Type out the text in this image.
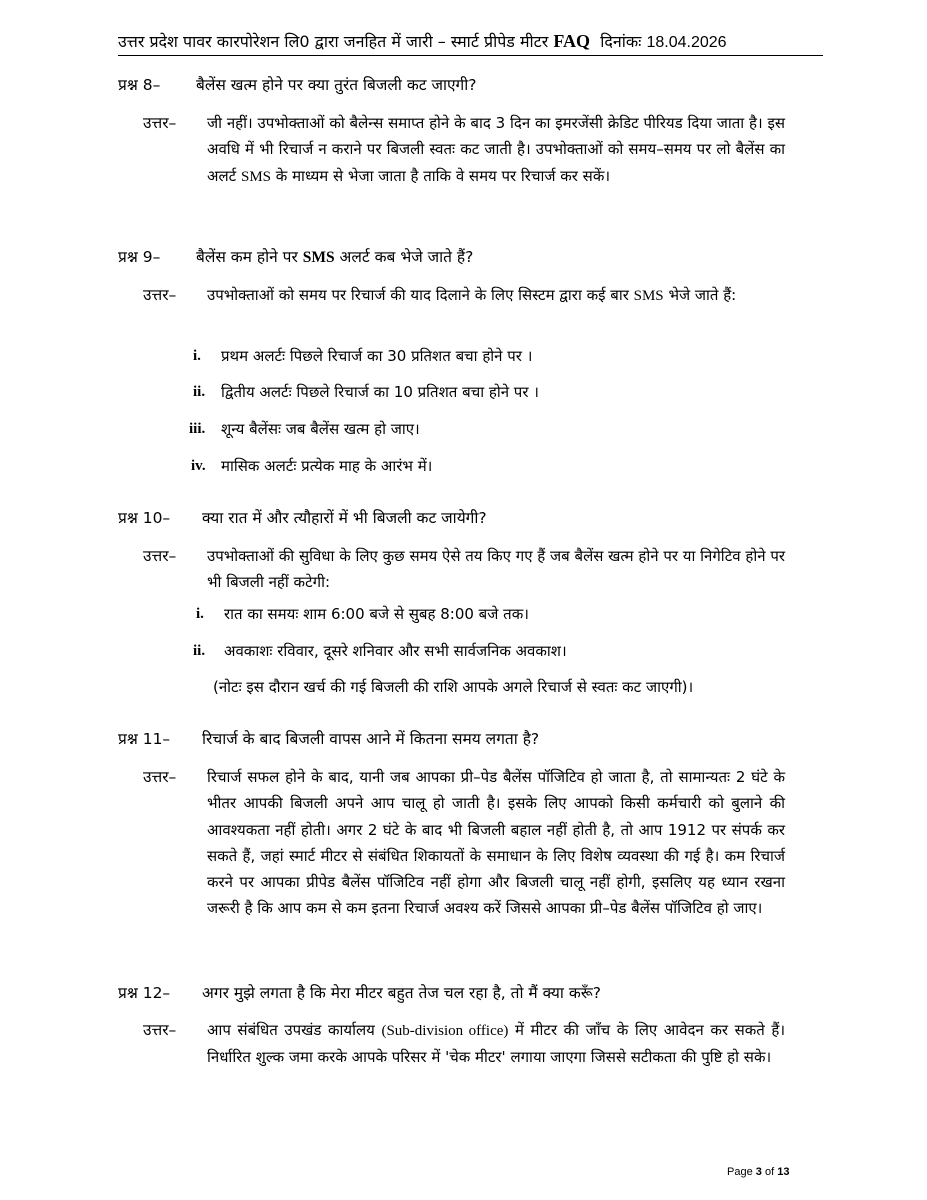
उत्तर प्रदेश पावर कारपोरेशन लि0 द्वारा जनहित में जारी – स्मार्ट प्रीपेड मीटर FAQ दिनांकः 18.04.2026
प्रश्न 8– बैलेंस खत्म होने पर क्या तुरंत बिजली कट जाएगी?
उत्तर– जी नहीं। उपभोक्ताओं को बैलेन्स समाप्त होने के बाद 3 दिन का इमरजेंसी क्रेडिट पीरियड दिया जाता है। इस अवधि में भी रिचार्ज न कराने पर बिजली स्वतः कट जाती है। उपभोक्ताओं को समय–समय पर लो बैलेंस का अलर्ट SMS के माध्यम से भेजा जाता है ताकि वे समय पर रिचार्ज कर सकें।
प्रश्न 9– बैलेंस कम होने पर SMS अलर्ट कब भेजे जाते हैं?
उत्तर– उपभोक्ताओं को समय पर रिचार्ज की याद दिलाने के लिए सिस्टम द्वारा कई बार SMS भेजे जाते हैं:
i. प्रथम अलर्टः पिछले रिचार्ज का 30 प्रतिशत बचा होने पर ।
ii. द्वितीय अलर्टः पिछले रिचार्ज का 10 प्रतिशत बचा होने पर ।
iii. शून्य बैलेंसः जब बैलेंस खत्म हो जाए।
iv. मासिक अलर्टः प्रत्येक माह के आरंभ में।
प्रश्न 10– क्या रात में और त्यौहारों में भी बिजली कट जायेगी?
उत्तर– उपभोक्ताओं की सुविधा के लिए कुछ समय ऐसे तय किए गए हैं जब बैलेंस खत्म होने पर या निगेटिव होने पर भी बिजली नहीं कटेगी:
i. रात का समयः शाम 6:00 बजे से सुबह 8:00 बजे तक।
ii. अवकाशः रविवार, दूसरे शनिवार और सभी सार्वजनिक अवकाश।
(नोटः इस दौरान खर्च की गई बिजली की राशि आपके अगले रिचार्ज से स्वतः कट जाएगी)।
प्रश्न 11– रिचार्ज के बाद बिजली वापस आने में कितना समय लगता है?
उत्तर– रिचार्ज सफल होने के बाद, यानी जब आपका प्री–पेड बैलेंस पॉजिटिव हो जाता है, तो सामान्यतः 2 घंटे के भीतर आपकी बिजली अपने आप चालू हो जाती है। इसके लिए आपको किसी कर्मचारी को बुलाने की आवश्यकता नहीं होती। अगर 2 घंटे के बाद भी बिजली बहाल नहीं होती है, तो आप 1912 पर संपर्क कर सकते हैं, जहां स्मार्ट मीटर से संबंधित शिकायतों के समाधान के लिए विशेष व्यवस्था की गई है। कम रिचार्ज करने पर आपका प्रीपेड बैलेंस पॉजिटिव नहीं होगा और बिजली चालू नहीं होगी, इसलिए यह ध्यान रखना जरूरी है कि आप कम से कम इतना रिचार्ज अवश्य करें जिससे आपका प्री–पेड बैलेंस पॉजिटिव हो जाए।
प्रश्न 12– अगर मुझे लगता है कि मेरा मीटर बहुत तेज चल रहा है, तो मैं क्या करूँ?
उत्तर– आप संबंधित उपखंड कार्यालय (Sub-division office) में मीटर की जाँच के लिए आवेदन कर सकते हैं। निर्धारित शुल्क जमा करके आपके परिसर में 'चेक मीटर' लगाया जाएगा जिससे सटीकता की पुष्टि हो सके।
Page 3 of 13
